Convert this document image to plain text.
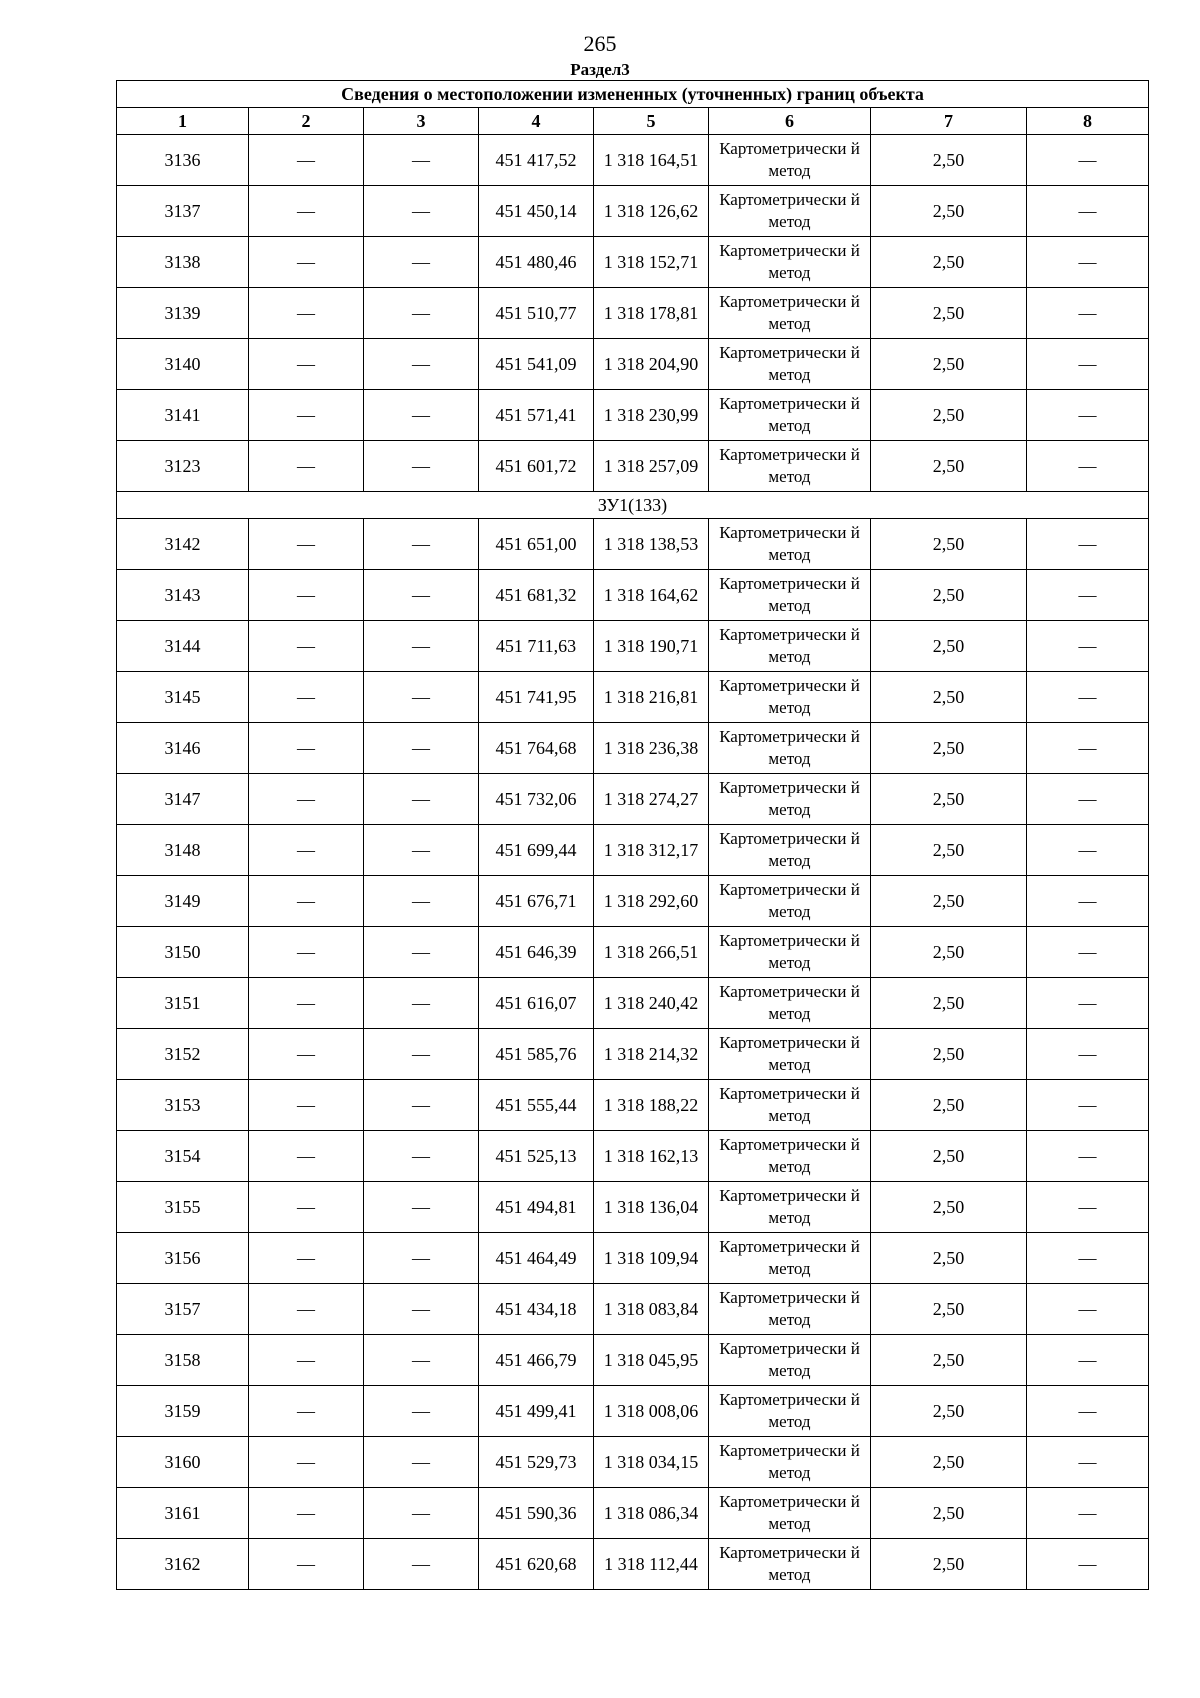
265
Раздел3
Сведения о местоположении измененных (уточненных) границ объекта							
1	2	3	4	5	6	7	8
3136	—	—	451 417,52	1 318 164,51	Картометрически й метод	2,50	—
3137	—	—	451 450,14	1 318 126,62	Картометрически й метод	2,50	—
3138	—	—	451 480,46	1 318 152,71	Картометрически й метод	2,50	—
3139	—	—	451 510,77	1 318 178,81	Картометрически й метод	2,50	—
3140	—	—	451 541,09	1 318 204,90	Картометрически й метод	2,50	—
3141	—	—	451 571,41	1 318 230,99	Картометрически й метод	2,50	—
3123	—	—	451 601,72	1 318 257,09	Картометрически й метод	2,50	—
ЗУ1(133)							
3142	—	—	451 651,00	1 318 138,53	Картометрически й метод	2,50	—
3143	—	—	451 681,32	1 318 164,62	Картометрически й метод	2,50	—
3144	—	—	451 711,63	1 318 190,71	Картометрически й метод	2,50	—
3145	—	—	451 741,95	1 318 216,81	Картометрически й метод	2,50	—
3146	—	—	451 764,68	1 318 236,38	Картометрически й метод	2,50	—
3147	—	—	451 732,06	1 318 274,27	Картометрически й метод	2,50	—
3148	—	—	451 699,44	1 318 312,17	Картометрически й метод	2,50	—
3149	—	—	451 676,71	1 318 292,60	Картометрически й метод	2,50	—
3150	—	—	451 646,39	1 318 266,51	Картометрически й метод	2,50	—
3151	—	—	451 616,07	1 318 240,42	Картометрически й метод	2,50	—
3152	—	—	451 585,76	1 318 214,32	Картометрически й метод	2,50	—
3153	—	—	451 555,44	1 318 188,22	Картометрически й метод	2,50	—
3154	—	—	451 525,13	1 318 162,13	Картометрически й метод	2,50	—
3155	—	—	451 494,81	1 318 136,04	Картометрически й метод	2,50	—
3156	—	—	451 464,49	1 318 109,94	Картометрически й метод	2,50	—
3157	—	—	451 434,18	1 318 083,84	Картометрически й метод	2,50	—
3158	—	—	451 466,79	1 318 045,95	Картометрически й метод	2,50	—
3159	—	—	451 499,41	1 318 008,06	Картометрически й метод	2,50	—
3160	—	—	451 529,73	1 318 034,15	Картометрически й метод	2,50	—
3161	—	—	451 590,36	1 318 086,34	Картометрически й метод	2,50	—
3162	—	—	451 620,68	1 318 112,44	Картометрически й метод	2,50	—
